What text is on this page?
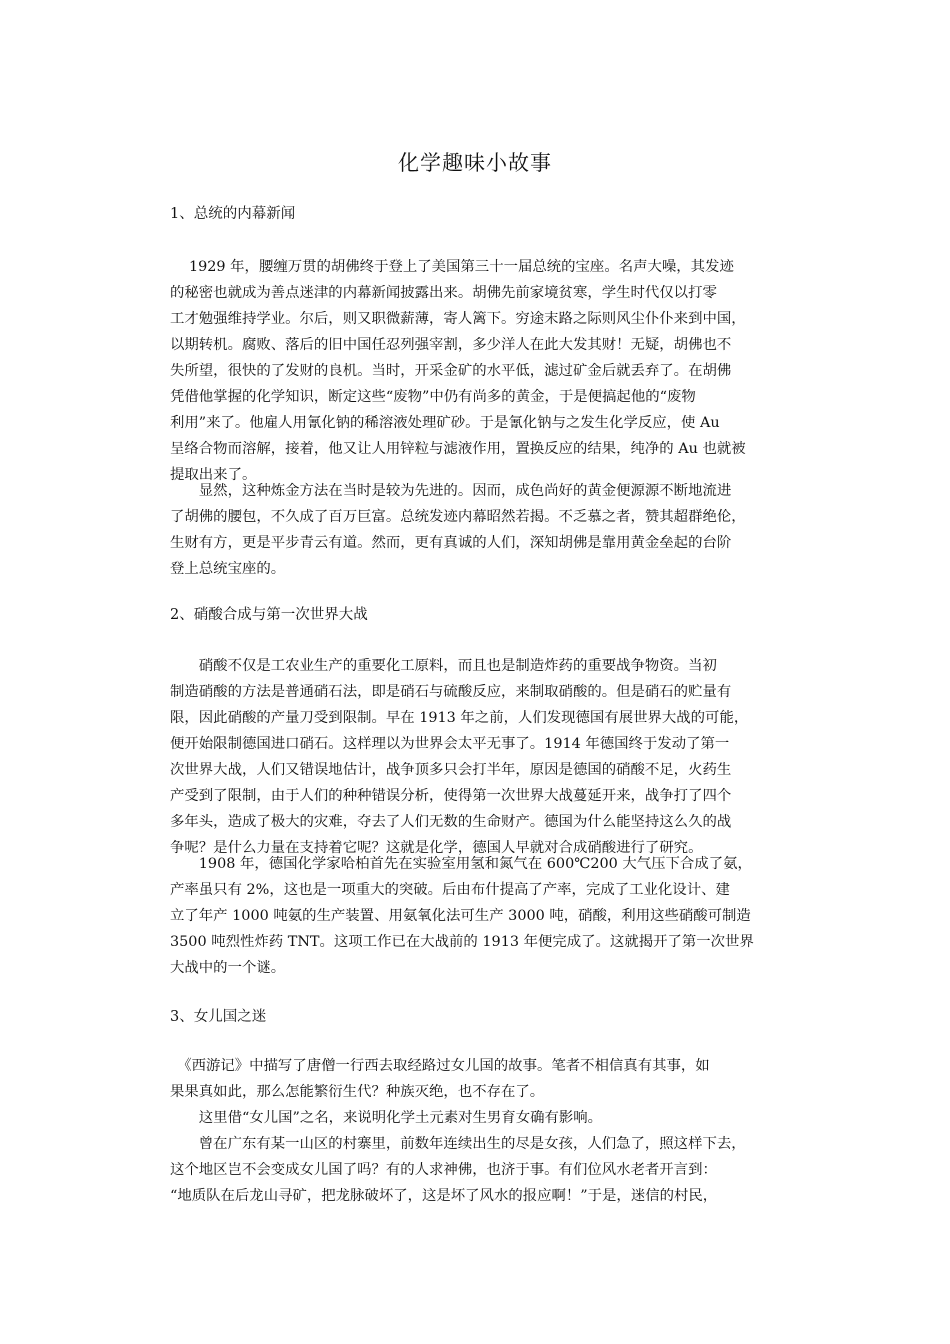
化学趣味小故事
1、总统的内幕新闻
　 1929 年，腰缠万贯的胡佛终于登上了美国第三十一届总统的宝座。名声大噪，其发迹
的秘密也就成为善点迷津的内幕新闻披露出来。胡佛先前家境贫寒，学生时代仅以打零
工才勉强维持学业。尔后，则又职微薪薄，寄人篱下。穷途末路之际则风尘仆仆来到中国，
以期转机。腐败、落后的旧中国任忍列强宰割，多少洋人在此大发其财！无疑，胡佛也不
失所望，很快的了发财的良机。当时，开采金矿的水平低，滤过矿金后就丢弃了。在胡佛
凭借他掌握的化学知识，断定这些“废物”中仍有尚多的黄金，于是便搞起他的“废物
利用”来了。他雇人用氰化钠的稀溶液处理矿砂。于是氰化钠与之发生化学反应，使 Au
呈络合物而溶解，接着，他又让人用锌粒与滤液作用，置换反应的结果，纯净的 Au 也就被
提取出来了。
　　显然，这种炼金方法在当时是较为先进的。因而，成色尚好的黄金便源源不断地流进
了胡佛的腰包，不久成了百万巨富。总统发迹内幕昭然若揭。不乏慕之者，赞其超群绝伦，
生财有方，更是平步青云有道。然而，更有真诚的人们，深知胡佛是靠用黄金垒起的台阶
登上总统宝座的。
2、硝酸合成与第一次世界大战
　　硝酸不仅是工农业生产的重要化工原料，而且也是制造炸药的重要战争物资。当初
制造硝酸的方法是普通硝石法，即是硝石与硫酸反应，来制取硝酸的。但是硝石的贮量有
限，因此硝酸的产量刀受到限制。早在 1913 年之前，人们发现德国有展世界大战的可能，
便开始限制德国进口硝石。这样理以为世界会太平无事了。1914 年德国终于发动了第一
次世界大战，人们又错误地估计，战争顶多只会打半年，原因是德国的硝酸不足，火药生
产受到了限制，由于人们的种种错误分析，使得第一次世界大战蔓延开来，战争打了四个
多年头，造成了极大的灾难，夺去了人们无数的生命财产。德国为什么能坚持这么久的战
争呢？是什么力量在支持着它呢？这就是化学，德国人早就对合成硝酸进行了研究。
　　1908 年，德国化学家哈柏首先在实验室用氢和氮气在 600℃200 大气压下合成了氨，
产率虽只有 2%，这也是一项重大的突破。后由布什提高了产率，完成了工业化设计、建
立了年产 1000 吨氨的生产装置、用氨氧化法可生产 3000 吨，硝酸，利用这些硝酸可制造
3500 吨烈性炸药 TNT。这项工作已在大战前的 1913 年便完成了。这就揭开了第一次世界
大战中的一个谜。
3、女儿国之迷
　《西游记》中描写了唐僧一行西去取经路过女儿国的故事。笔者不相信真有其事，如
果果真如此，那么怎能繁衍生代？种族灭绝，也不存在了。
　　这里借“女儿国”之名，来说明化学土元素对生男育女确有影响。
　　曾在广东有某一山区的村寨里，前数年连续出生的尽是女孩，人们急了，照这样下去，
这个地区岂不会变成女儿国了吗？有的人求神佛，也济于事。有们位风水老者开言到：
“地质队在后龙山寻矿，把龙脉破坏了，这是坏了风水的报应啊！”于是，迷信的村民，
